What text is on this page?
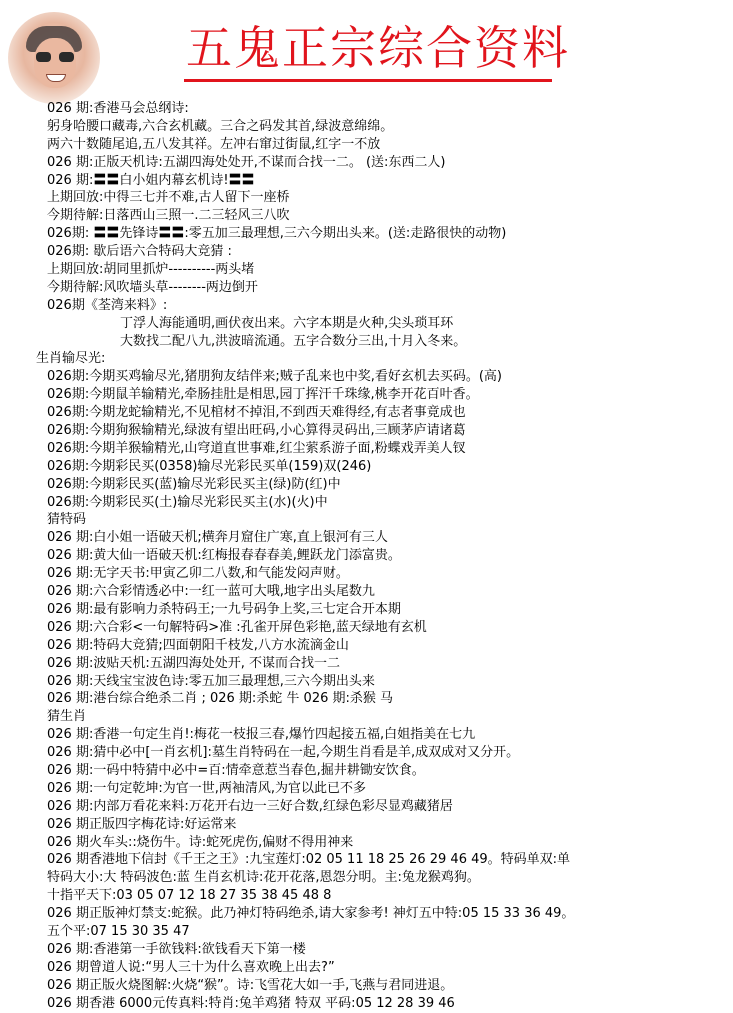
五鬼正宗综合资料
026 期:香港马会总纲诗:
躬身哈腰口藏毒,六合玄机藏。三合之码发其首,绿波意绵绵。
两六十数随尾追,五八发其祥。左冲右窜过街鼠,红字一不放
026 期:正版天机诗:五湖四海处处开,不谋而合找一二。 (送:东西二人)
026 期:〓〓白小姐内幕玄机诗!〓〓
上期回放:中得三七并不难,古人留下一座桥
今期待解:日落西山三照一.二三轻风三八吹
026期: 〓〓先锋诗〓〓:零五加三最理想,三六今期出头来。(送:走路很快的动物)
026期: 歇后语六合特码大竞猜 :
上期回放:胡同里抓炉----------两头堵
今期待解:风吹墙头草--------两边倒开
026期《荃湾来料》:
丁浮人海能通明,画伏夜出来。六字本期是火种,尖头琐耳环
大数找二配八九,洪波暗流通。五字合数分三出,十月入冬来。
生肖输尽光:
026期:今期买鸡输尽光,猪朋狗友结伴来;贼子乱来也中奖,看好玄机去买码。(高)
026期:今期鼠羊输精光,牵肠挂肚是相思,园丁挥汗千珠缘,桃李开花百叶香。
026期:今期龙蛇输精光,不见棺材不掉泪,不到西天难得经,有志者事竟成也
026期:今期狗猴输精光,绿波有望出旺码,小心算得灵码出,三顾茅庐请诸葛
026期:今期羊猴输精光,山穹道直世事难,红尘萦系游子面,粉蝶戏弄美人钗
026期:今期彩民买(0358)输尽光彩民买单(159)双(246)
026期:今期彩民买(蓝)输尽光彩民买主(绿)防(红)中
026期:今期彩民买(土)输尽光彩民买主(水)(火)中
猜特码
026 期:白小姐一语破天机;横奔月窟住广寒,直上银河有三人
026 期:黄大仙一语破天机:红梅报春春春美,鲤跃龙门添富贵。
026 期:无字天书:甲寅乙卯二八数,和气能发闷声财。
026 期:六合彩情透必中:一红一蓝可大哦,地字出头尾数九
026 期:最有影响力杀特码王;一九号码争上奖,三七定合开本期
026 期:六合彩<一句解特码>准 :孔雀开屏色彩艳,蓝天绿地有玄机
026 期:特码大竞猜;四面朝阳千枝发,八方水流滴金山
026 期:波贴天机:五湖四海处处开, 不谋而合找一二
026 期:天线宝宝波色诗:零五加三最理想,三六今期出头来
026 期:港台综合绝杀二肖 ; 026 期:杀蛇 牛 026 期:杀猴 马
猜生肖
026 期:香港一句定生肖!:梅花一枝报三春,爆竹四起接五福,白姐指美在七九
026 期:猜中必中[一肖玄机]:墓生肖特码在一起,今期生肖看是羊,成双成对又分开。
026 期:一码中特猜中必中=百:情牵意惹当春色,掘井耕锄安饮食。
026 期:一句定乾坤:为官一世,两袖清风,为官以此已不多
026 期:内部万看花来料:万花开右边一三好合数,红绿色彩尽显鸡藏猪居
026 期正版四字梅花诗:好运常来
026 期火车头::烧伤牛。诗:蛇死虎伤,偏财不得用神来
026 期香港地下信封《千王之王》:九宝莲灯:02 05 11 18 25 26 29 46 49。特码单双:单
特码大小:大 特码波色:蓝 生肖玄机诗:花开花落,恩怨分明。主:兔龙猴鸡狗。
十指平天下:03 05 07 12 18 27 35 38 45 48 8
026 期正版神灯禁支:蛇猴。此乃神灯特码绝杀,请大家参考! 神灯五中特:05 15 33 36 49。
五个平:07 15 30 35 47
026 期:香港第一手欲钱料:欲钱看天下第一楼
026 期曾道人说:“男人三十为什么喜欢晚上出去?”
026 期正版火烧图解:火烧“猴”。诗:飞雪花大如一手,飞燕与君同进退。
026 期香港 6000元传真料:特肖:兔羊鸡猪 特双 平码:05 12 28 39 46
